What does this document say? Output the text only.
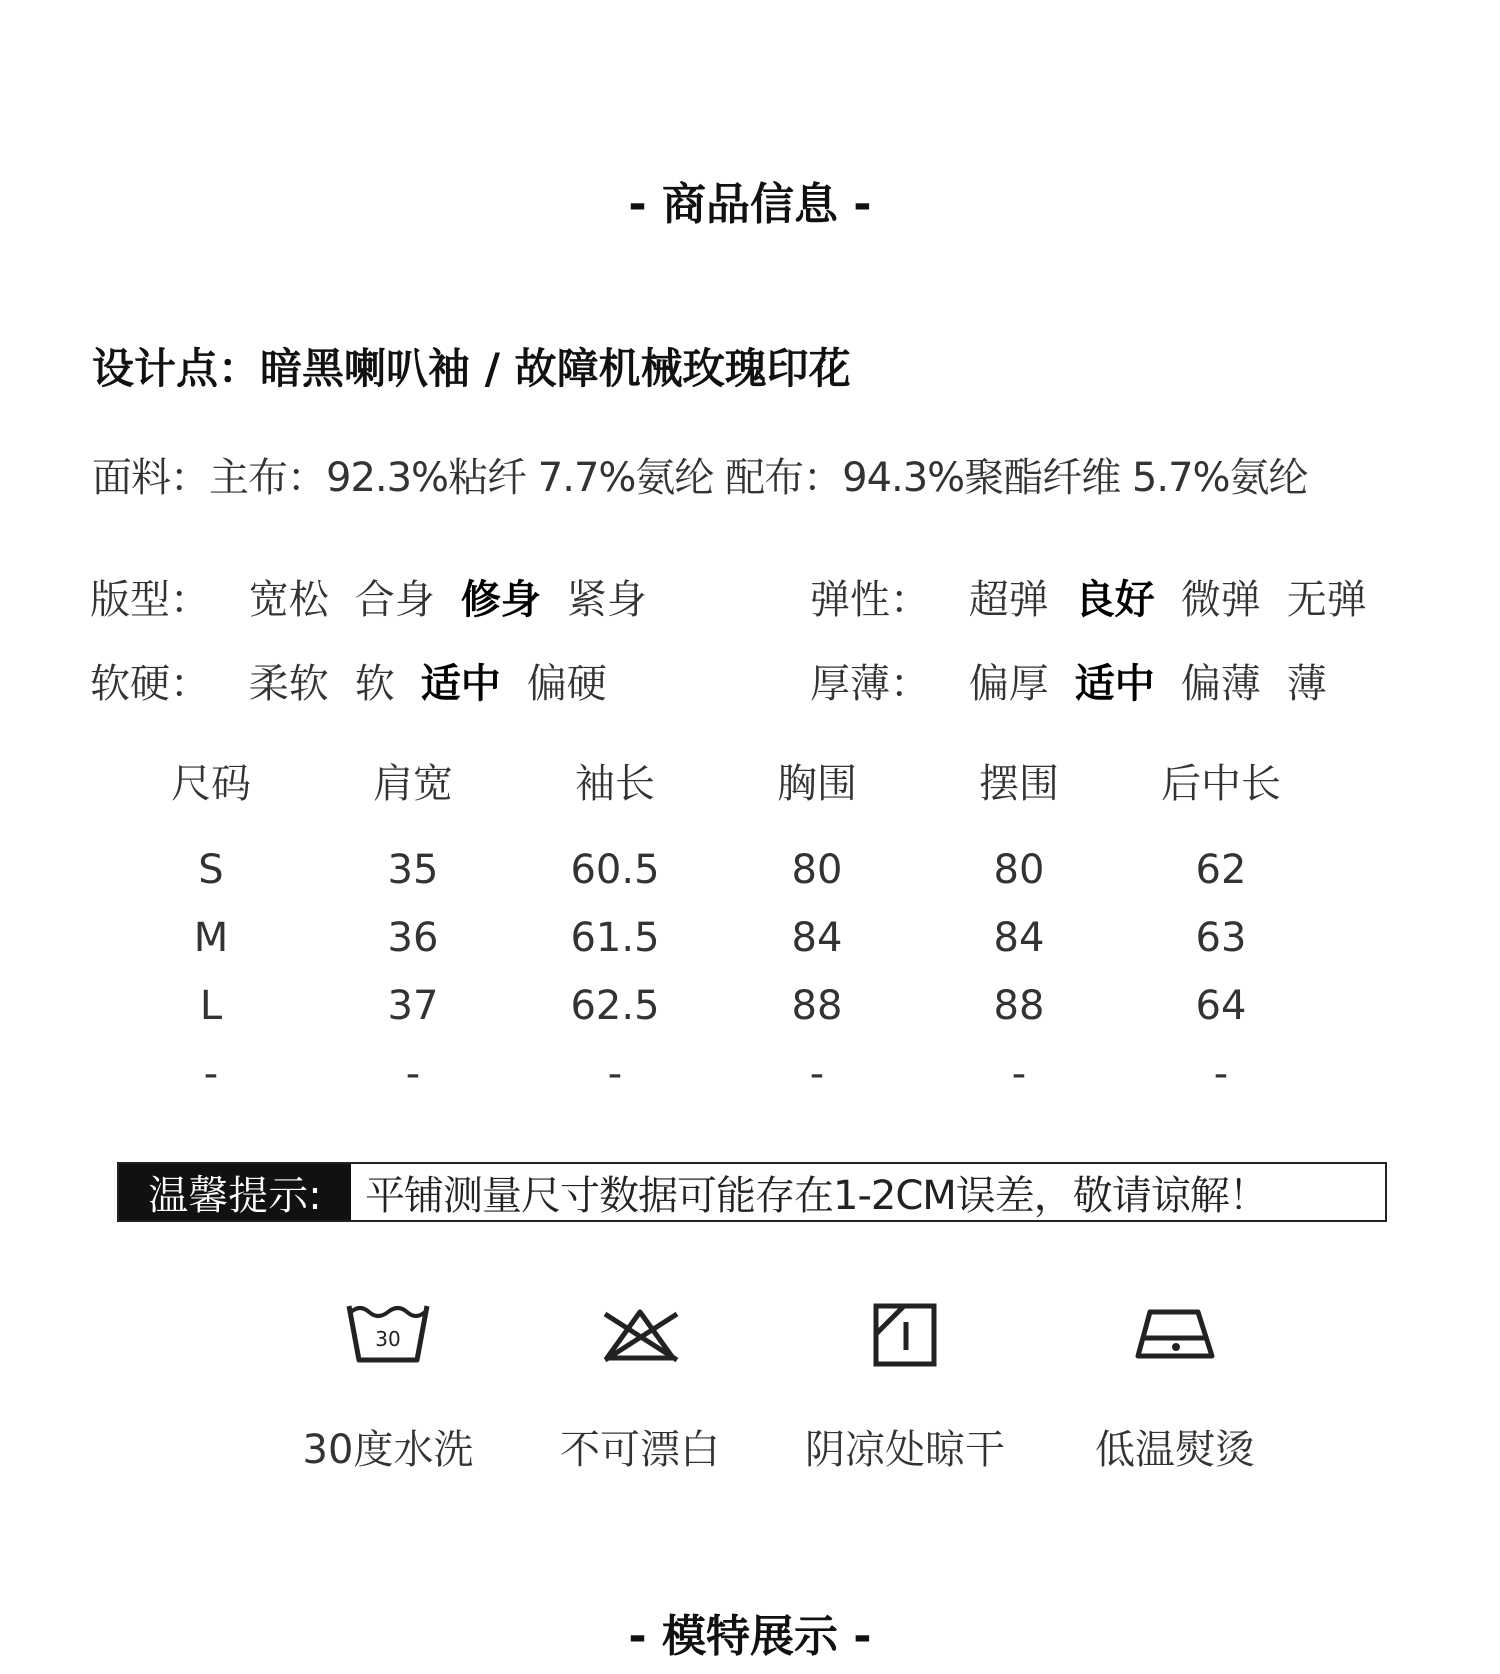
- 商品信息 -
设计点：暗黑喇叭袖 / 故障机械玫瑰印花
面料：主布：92.3%粘纤 7.7%氨纶 配布：94.3%聚酯纤维 5.7%氨纶
版型： 宽松 合身 修身 紧身	弹性： 超弹 良好 微弹 无弹
软硬： 柔软 软 适中 偏硬	厚薄： 偏厚 适中 偏薄 薄
尺码	肩宽	袖长	胸围	摆围	后中长
S	35	60.5	80	80	62
M	36	61.5	84	84	63
L	37	62.5	88	88	64
-	-	-	-	-	-
温馨提示:	平铺测量尺寸数据可能存在1-2CM误差，敬请谅解！
30
30度水洗	不可漂白	阴凉处晾干	低温熨烫
- 模特展示 -
